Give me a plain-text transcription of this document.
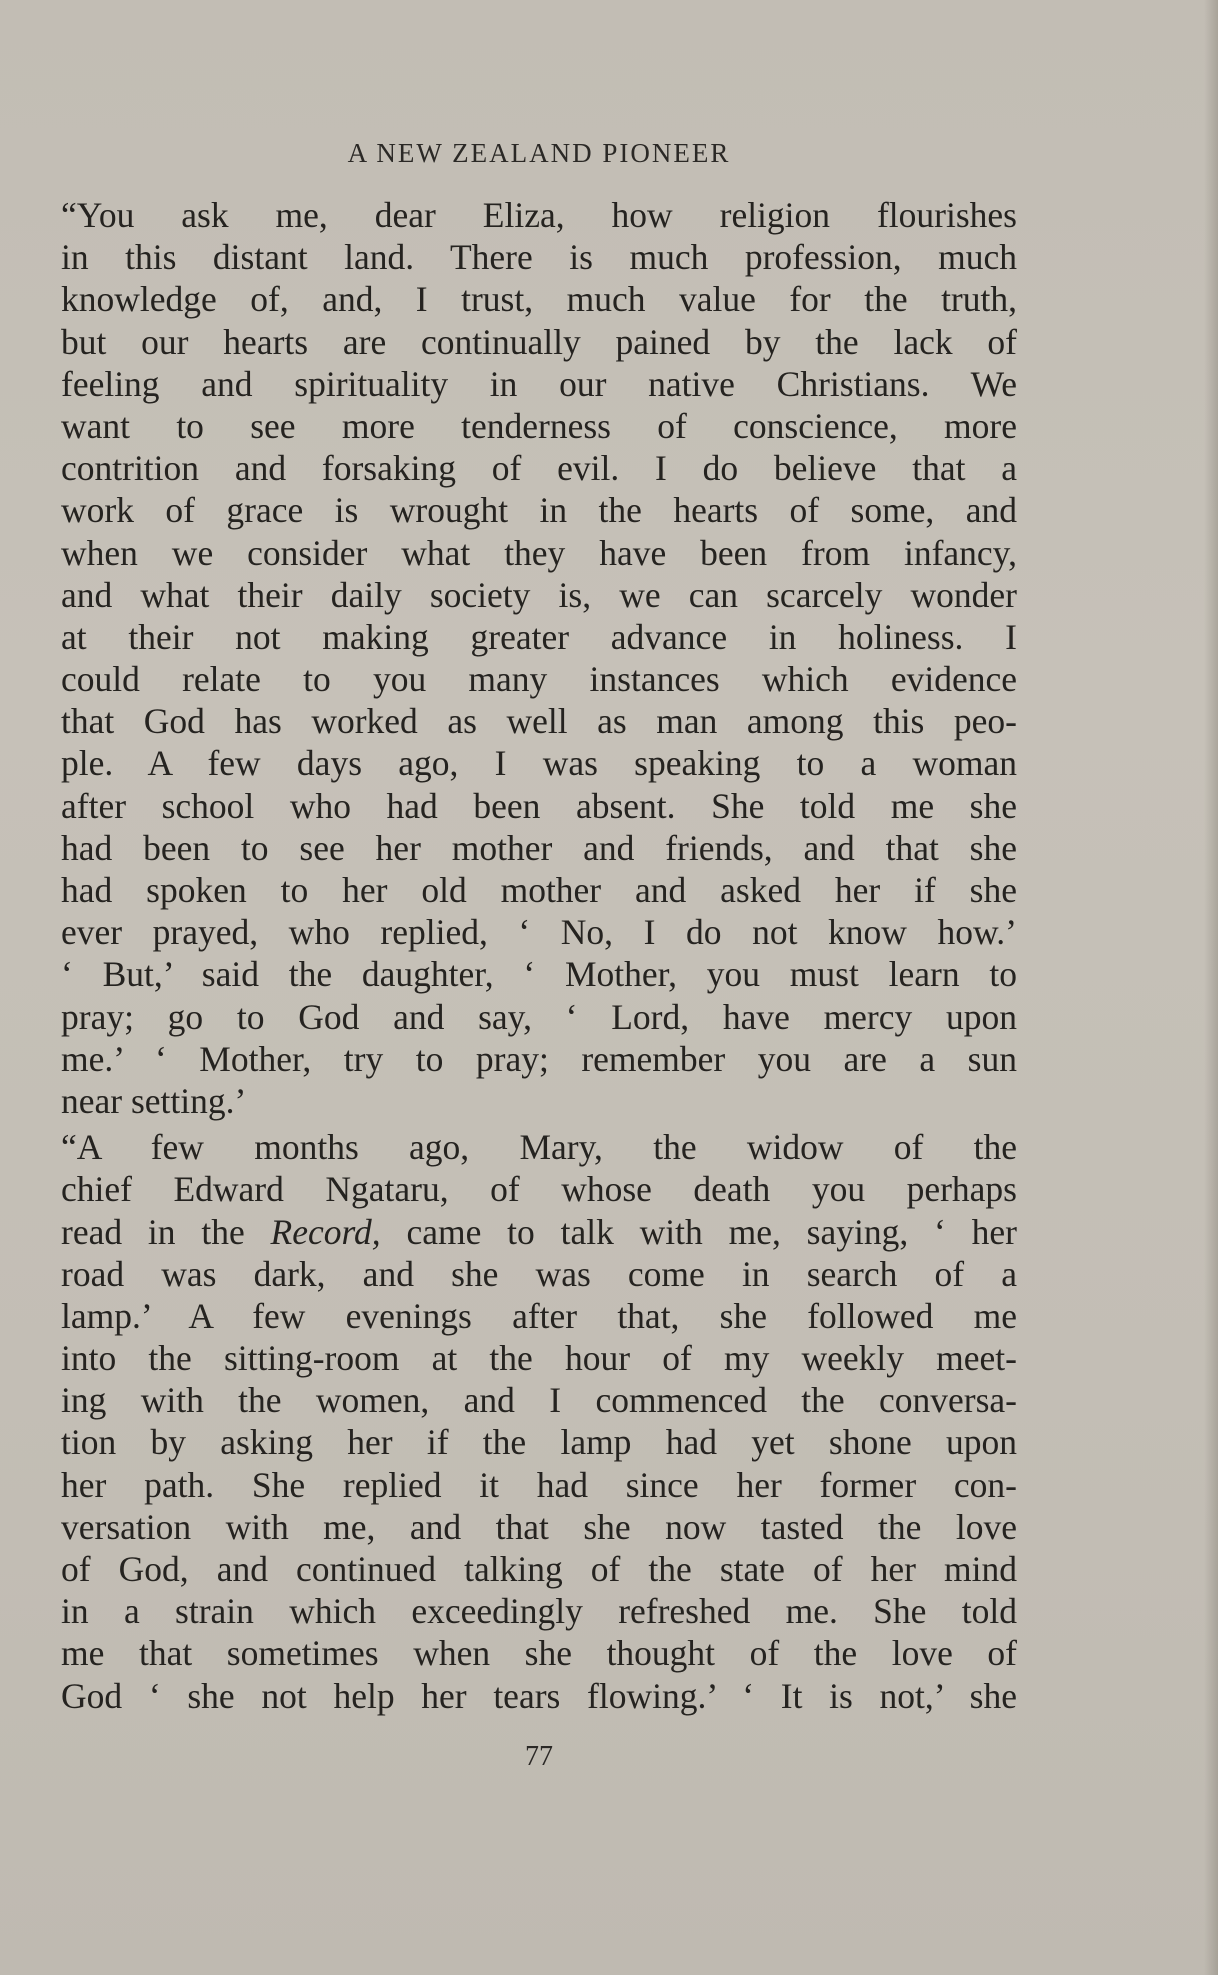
A NEW ZEALAND PIONEER
“You ask me, dear Eliza, how religion flourishes
in this distant land. There is much profession, much
knowledge of, and, I trust, much value for the truth,
but our hearts are continually pained by the lack of
feeling and spirituality in our native Christians. We
want to see more tenderness of conscience, more
contrition and forsaking of evil. I do believe that a
work of grace is wrought in the hearts of some, and
when we consider what they have been from infancy,
and what their daily society is, we can scarcely wonder
at their not making greater advance in holiness. I
could relate to you many instances which evidence
that God has worked as well as man among this peo-
ple. A few days ago, I was speaking to a woman
after school who had been absent. She told me she
had been to see her mother and friends, and that she
had spoken to her old mother and asked her if she
ever prayed, who replied, ‘ No, I do not know how.’
‘ But,’ said the daughter, ‘ Mother, you must learn to
pray; go to God and say, ‘ Lord, have mercy upon
me.’ ‘ Mother, try to pray; remember you are a sun
near setting.’
“A few months ago, Mary, the widow of the
chief Edward Ngataru, of whose death you perhaps
read in the Record, came to talk with me, saying, ‘ her
road was dark, and she was come in search of a
lamp.’ A few evenings after that, she followed me
into the sitting-room at the hour of my weekly meet-
ing with the women, and I commenced the conversa-
tion by asking her if the lamp had yet shone upon
her path. She replied it had since her former con-
versation with me, and that she now tasted the love
of God, and continued talking of the state of her mind
in a strain which exceedingly refreshed me. She told
me that sometimes when she thought of the love of
God ‘ she not help her tears flowing.’ ‘ It is not,’ she
77
